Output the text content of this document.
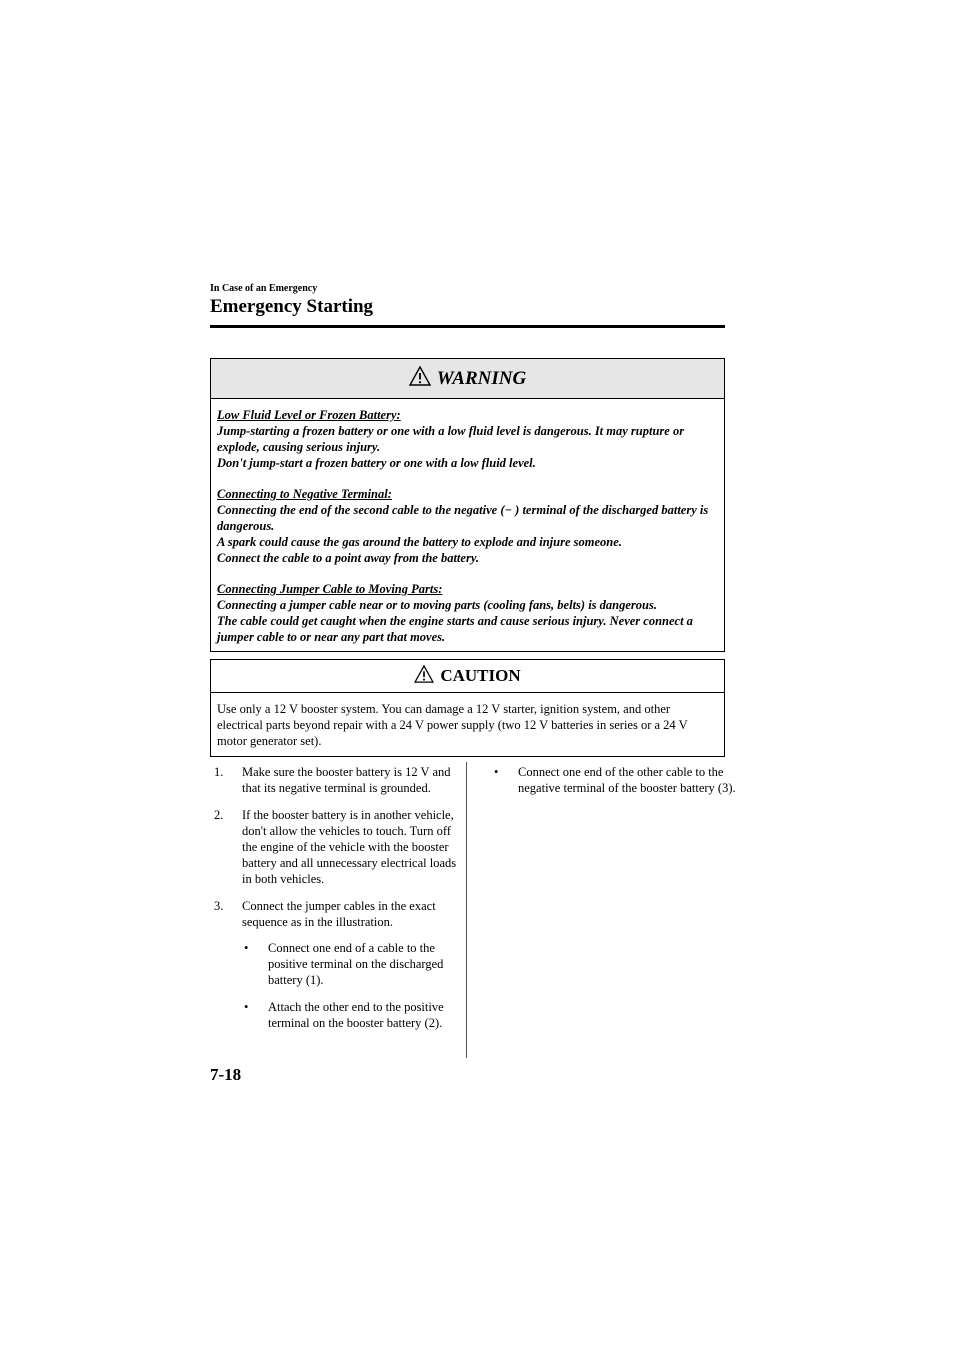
In Case of an Emergency
Emergency Starting
WARNING

Low Fluid Level or Frozen Battery:
Jump-starting a frozen battery or one with a low fluid level is dangerous. It may rupture or explode, causing serious injury.
Don't jump-start a frozen battery or one with a low fluid level.

Connecting to Negative Terminal:
Connecting the end of the second cable to the negative (− ) terminal of the discharged battery is dangerous.
A spark could cause the gas around the battery to explode and injure someone.
Connect the cable to a point away from the battery.

Connecting Jumper Cable to Moving Parts:
Connecting a jumper cable near or to moving parts (cooling fans, belts) is dangerous.
The cable could get caught when the engine starts and cause serious injury. Never connect a jumper cable to or near any part that moves.

CAUTION
Use only a 12 V booster system. You can damage a 12 V starter, ignition system, and other electrical parts beyond repair with a 24 V power supply (two 12 V batteries in series or a 24 V motor generator set).
1. Make sure the booster battery is 12 V and that its negative terminal is grounded.
2. If the booster battery is in another vehicle, don't allow the vehicles to touch. Turn off the engine of the vehicle with the booster battery and all unnecessary electrical loads in both vehicles.
3. Connect the jumper cables in the exact sequence as in the illustration.
• Connect one end of a cable to the positive terminal on the discharged battery (1).
• Attach the other end to the positive terminal on the booster battery (2).
• Connect one end of the other cable to the negative terminal of the booster battery (3).
7-18
